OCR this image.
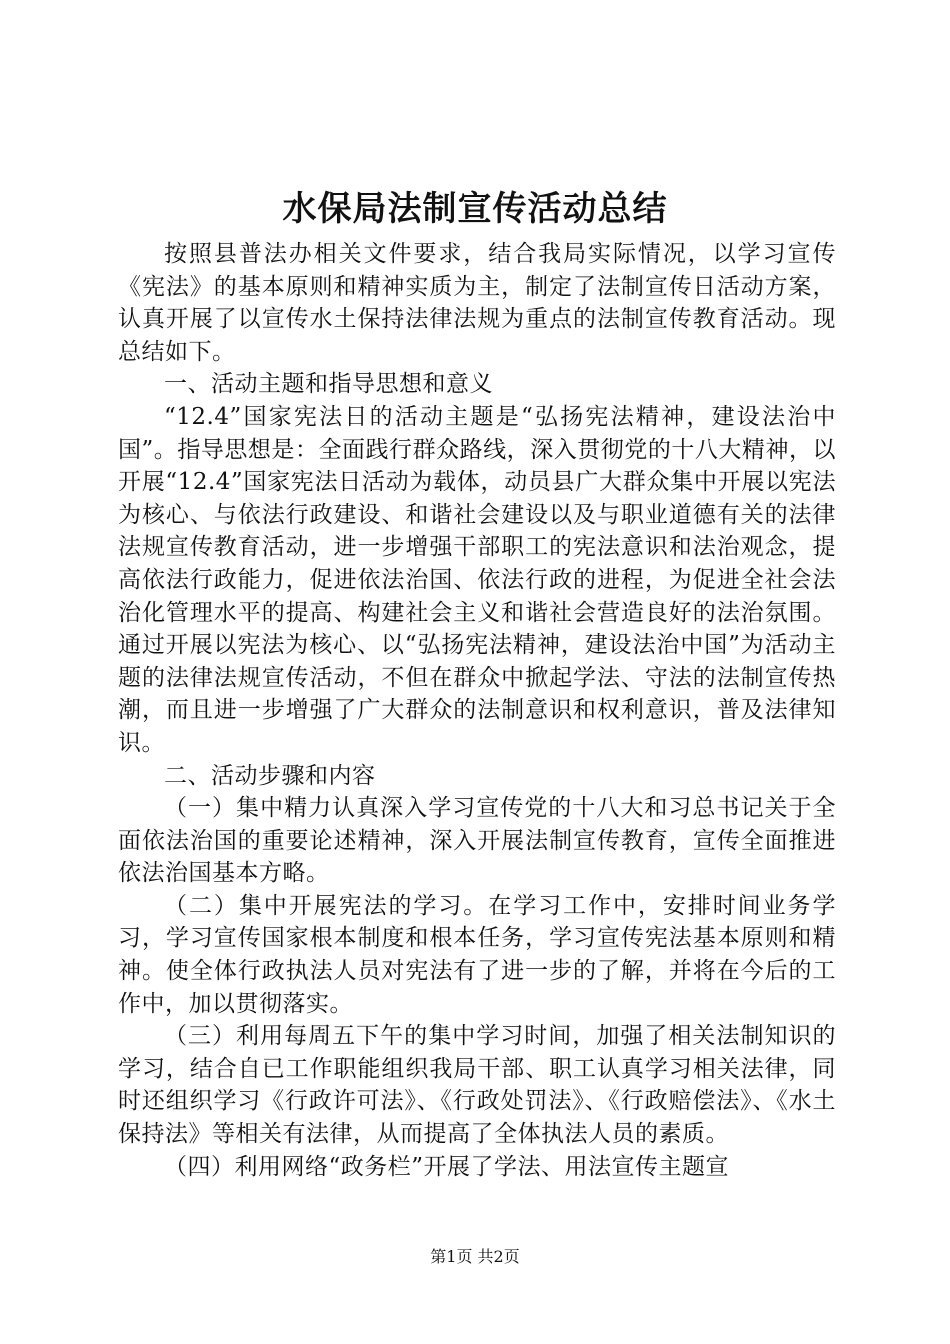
水保局法制宣传活动总结

按照县普法办相关文件要求，结合我局实际情况，以学习宣传《宪法》的基本原则和精神实质为主，制定了法制宣传日活动方案，认真开展了以宣传水土保持法律法规为重点的法制宣传教育活动。现总结如下。

一、活动主题和指导思想和意义

“12.4”国家宪法日的活动主题是“弘扬宪法精神，建设法治中国”。指导思想是：全面践行群众路线，深入贯彻党的十八大精神，以开展“12.4”国家宪法日活动为载体，动员县广大群众集中开展以宪法为核心、与依法行政建设、和谐社会建设以及与职业道德有关的法律法规宣传教育活动，进一步增强干部职工的宪法意识和法治观念，提高依法行政能力，促进依法治国、依法行政的进程，为促进全社会法治化管理水平的提高、构建社会主义和谐社会营造良好的法治氛围。通过开展以宪法为核心、以“弘扬宪法精神，建设法治中国”为活动主题的法律法规宣传活动，不但在群众中掀起学法、守法的法制宣传热潮，而且进一步增强了广大群众的法制意识和权利意识，普及法律知识。

二、活动步骤和内容

（一）集中精力认真深入学习宣传党的十八大和习总书记关于全面依法治国的重要论述精神，深入开展法制宣传教育，宣传全面推进依法治国基本方略。

（二）集中开展宪法的学习。在学习工作中，安排时间业务学习，学习宣传国家根本制度和根本任务，学习宣传宪法基本原则和精神。使全体行政执法人员对宪法有了进一步的了解，并将在今后的工作中，加以贯彻落实。

（三）利用每周五下午的集中学习时间，加强了相关法制知识的学习，结合自已工作职能组织我局干部、职工认真学习相关法律，同时还组织学习《行政许可法》、《行政处罚法》、《行政赔偿法》、《水土保持法》等相关有法律，从而提高了全体执法人员的素质。

（四）利用网络“政务栏”开展了学法、用法宣传主题宣

第1页 共2页
